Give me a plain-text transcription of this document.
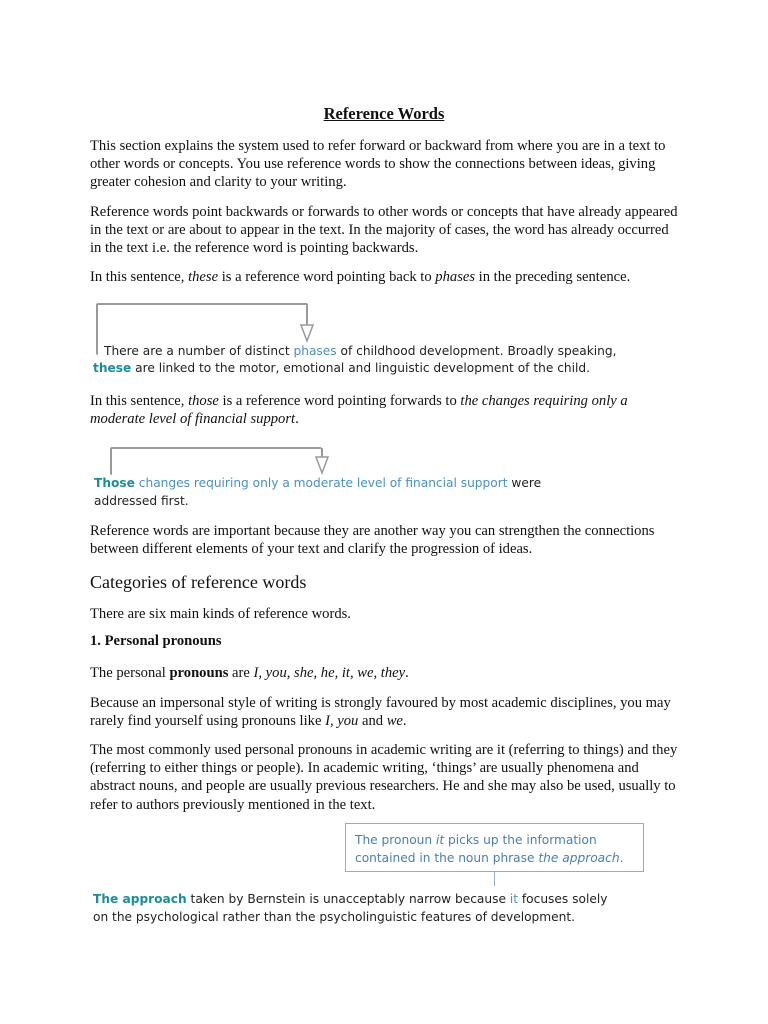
Reference Words

This section explains the system used to refer forward or backward from where you are in a text to other words or concepts. You use reference words to show the connections between ideas, giving greater cohesion and clarity to your writing.

Reference words point backwards or forwards to other words or concepts that have already appeared in the text or are about to appear in the text. In the majority of cases, the word has already occurred in the text i.e. the reference word is pointing backwards.

In this sentence, these is a reference word pointing back to phases in the preceding sentence.

There are a number of distinct phases of childhood development. Broadly speaking,
these are linked to the motor, emotional and linguistic development of the child.

In this sentence, those is a reference word pointing forwards to the changes requiring only a moderate level of financial support.

Those changes requiring only a moderate level of financial support were
addressed first.

Reference words are important because they are another way you can strengthen the connections between different elements of your text and clarify the progression of ideas.

Categories of reference words

There are six main kinds of reference words.

1. Personal pronouns

The personal pronouns are I, you, she, he, it, we, they.

Because an impersonal style of writing is strongly favoured by most academic disciplines, you may rarely find yourself using pronouns like I, you and we.

The most commonly used personal pronouns in academic writing are it (referring to things) and they (referring to either things or people). In academic writing, ‘things’ are usually phenomena and abstract nouns, and people are usually previous researchers. He and she may also be used, usually to refer to authors previously mentioned in the text.

The pronoun it picks up the information
contained in the noun phrase the approach.
The approach taken by Bernstein is unacceptably narrow because it focuses solely
on the psychological rather than the psycholinguistic features of development.
